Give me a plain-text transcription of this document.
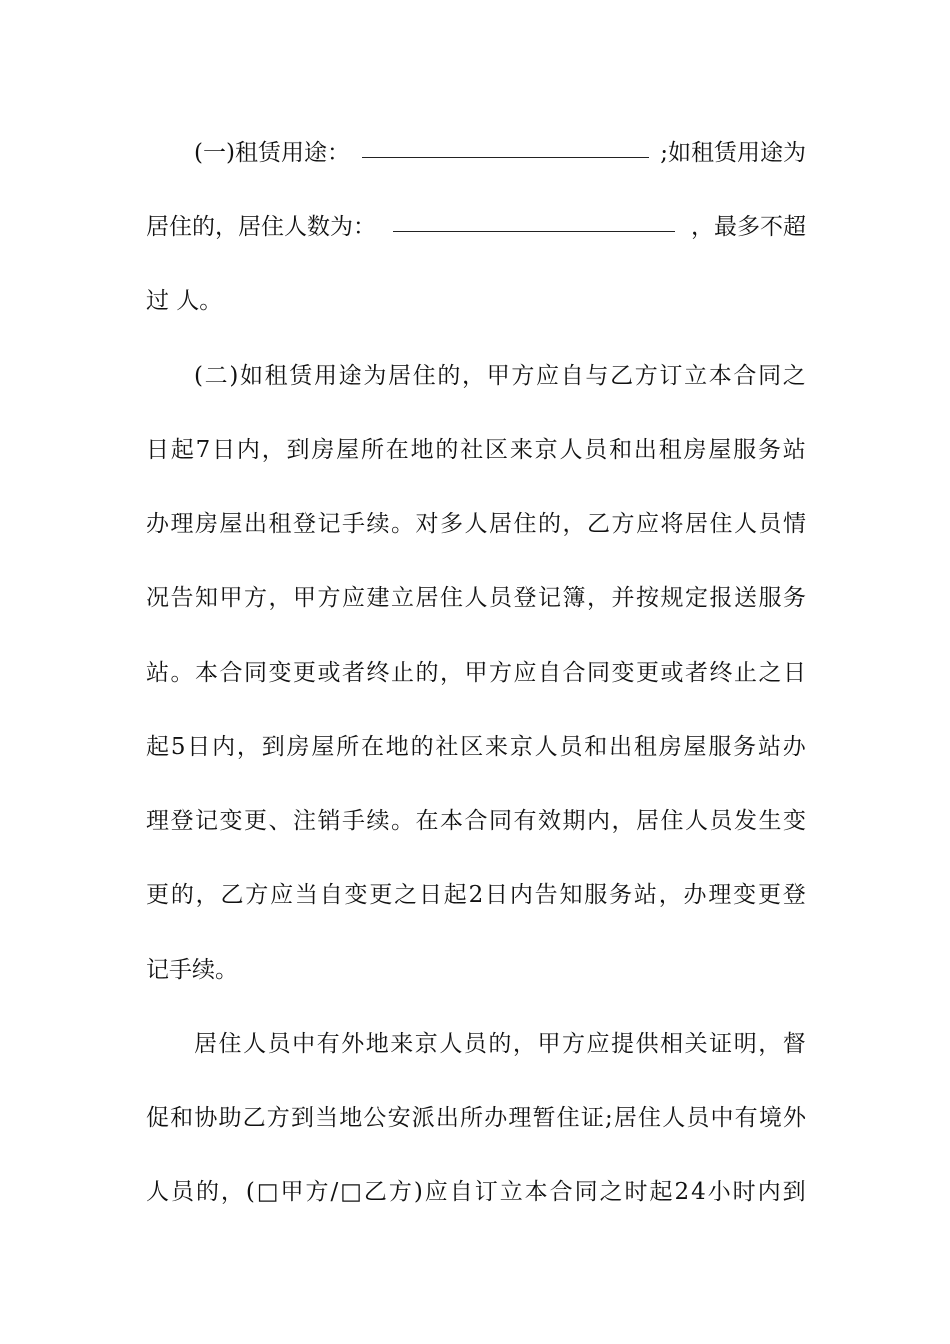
(一)租赁用途：	;如租赁用途为
居住的，居住人数为：	，最多不超
过 人。
( 二 ) 如 租 赁 用 途 为 居 住 的 ， 甲 方 应 自 与 乙 方 订 立 本 合 同 之
日 起 7 日 内 ， 到 房 屋 所 在 地 的 社 区 来 京 人 员 和 出 租 房 屋 服 务 站
办 理 房 屋 出 租 登 记 手 续 。 对 多 人 居 住 的 ， 乙 方 应 将 居 住 人 员 情
况 告 知 甲 方 ， 甲 方 应 建 立 居 住 人 员 登 记 簿 ， 并 按 规 定 报 送 服 务
站 。 本 合 同 变 更 或 者 终 止 的 ， 甲 方 应 自 合 同 变 更 或 者 终 止 之 日
起 5 日 内 ， 到 房 屋 所 在 地 的 社 区 来 京 人 员 和 出 租 房 屋 服 务 站 办
理 登 记 变 更 、 注 销 手 续 。 在 本 合 同 有 效 期 内 ， 居 住 人 员 发 生 变
更 的 ， 乙 方 应 当 自 变 更 之 日 起 2 日 内 告 知 服 务 站 ， 办 理 变 更 登
记手续。
居 住 人 员 中 有 外 地 来 京 人 员 的 ， 甲 方 应 提 供 相 关 证 明 ， 督
促 和 协 助 乙 方 到 当 地 公 安 派 出 所 办 理 暂 住 证 ; 居 住 人 员 中 有 境 外
人 员 的 ， ( □ 甲 方 / □ 乙 方 ) 应 自 订 立 本 合 同 之 时 起 2 4 小 时 内 到
